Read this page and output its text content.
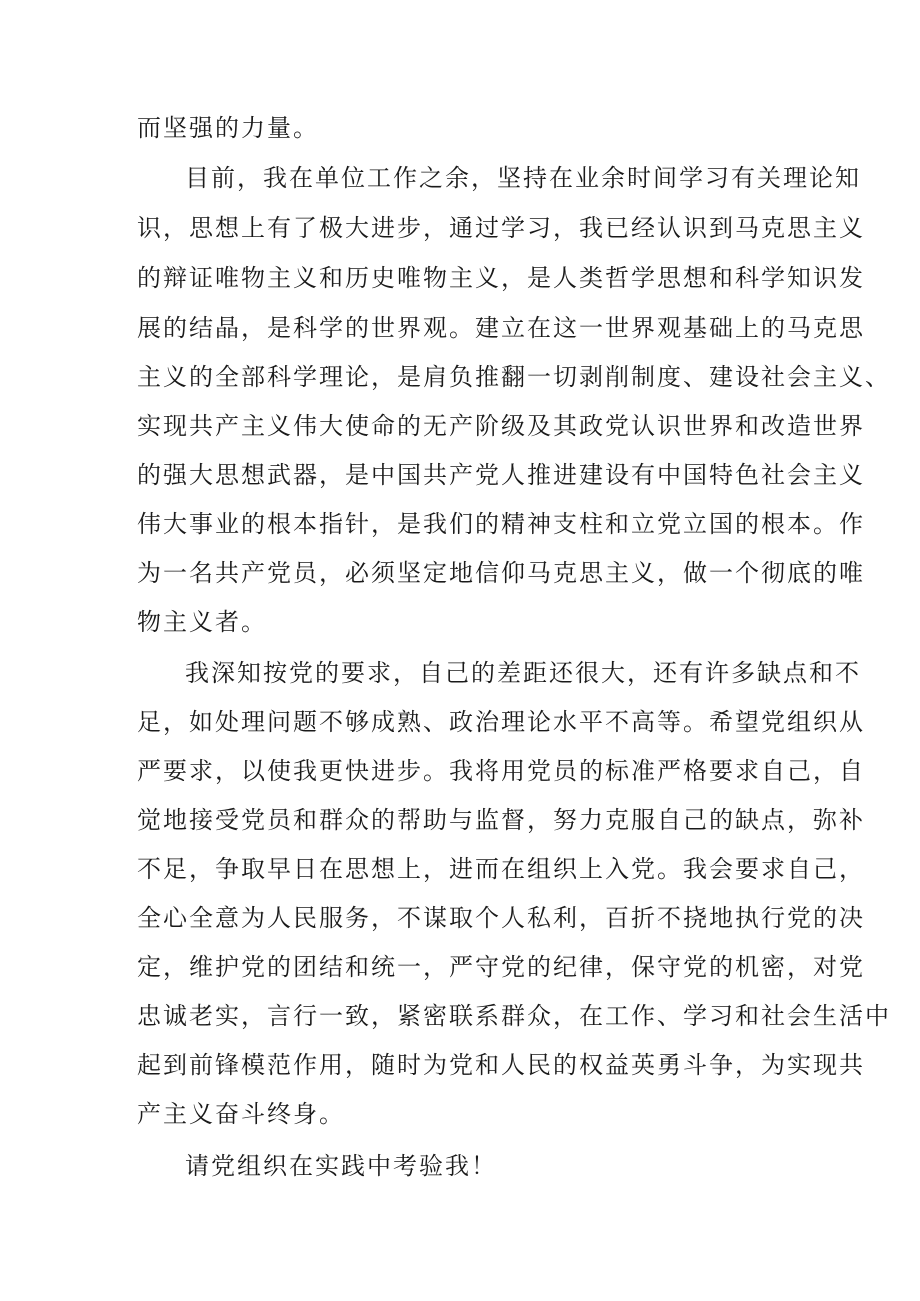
而坚强的力量。
目前，我在单位工作之余，坚持在业余时间学习有关理论知
识，思想上有了极大进步，通过学习，我已经认识到马克思主义
的辩证唯物主义和历史唯物主义，是人类哲学思想和科学知识发
展的结晶，是科学的世界观。建立在这一世界观基础上的马克思
主义的全部科学理论，是肩负推翻一切剥削制度、建设社会主义、
实现共产主义伟大使命的无产阶级及其政党认识世界和改造世界
的强大思想武器，是中国共产党人推进建设有中国特色社会主义
伟大事业的根本指针，是我们的精神支柱和立党立国的根本。作
为一名共产党员，必须坚定地信仰马克思主义，做一个彻底的唯
物主义者。
我深知按党的要求，自己的差距还很大，还有许多缺点和不
足，如处理问题不够成熟、政治理论水平不高等。希望党组织从
严要求，以使我更快进步。我将用党员的标准严格要求自己，自
觉地接受党员和群众的帮助与监督，努力克服自己的缺点，弥补
不足，争取早日在思想上，进而在组织上入党。我会要求自己，
全心全意为人民服务，不谋取个人私利，百折不挠地执行党的决
定，维护党的团结和统一，严守党的纪律，保守党的机密，对党
忠诚老实，言行一致，紧密联系群众，在工作、学习和社会生活中
起到前锋模范作用，随时为党和人民的权益英勇斗争，为实现共
产主义奋斗终身。
请党组织在实践中考验我！
